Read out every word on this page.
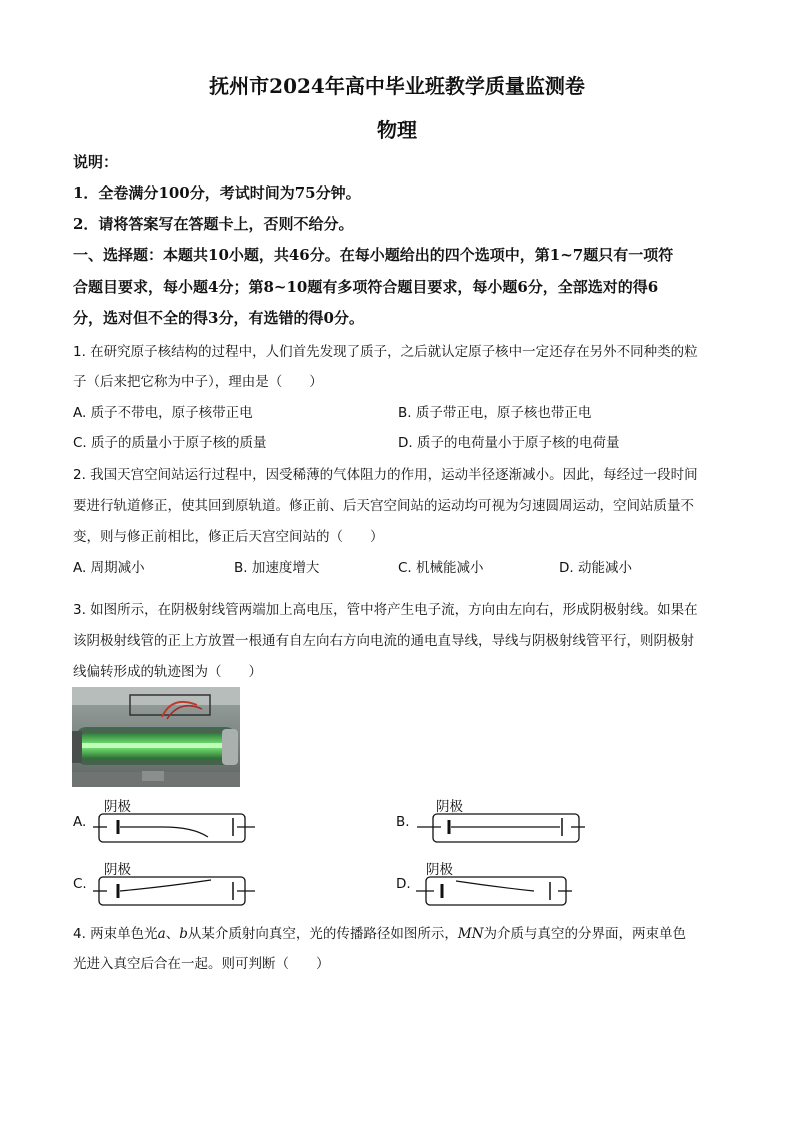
抚州市2024年高中毕业班教学质量监测卷
物理
说明：
1．全卷满分100分，考试时间为75分钟。
2．请将答案写在答题卡上，否则不给分。
一、选择题：本题共10小题，共46分。在每小题给出的四个选项中，第1~7题只有一项符
合题目要求，每小题4分；第8~10题有多项符合题目要求，每小题6分，全部选对的得6
分，选对但不全的得3分，有选错的得0分。
1. 在研究原子核结构的过程中，人们首先发现了质子，之后就认定原子核中一定还存在另外不同种类的粒
子（后来把它称为中子），理由是（　　）
A. 质子不带电，原子核带正电	B. 质子带正电，原子核也带正电
C. 质子的质量小于原子核的质量	D. 质子的电荷量小于原子核的电荷量
2. 我国天宫空间站运行过程中，因受稀薄的气体阻力的作用，运动半径逐渐减小。因此，每经过一段时间
要进行轨道修正，使其回到原轨道。修正前、后天宫空间站的运动均可视为匀速圆周运动，空间站质量不
变，则与修正前相比，修正后天宫空间站的（　　）
A. 周期减小	B. 加速度增大	C. 机械能减小	D. 动能减小
3. 如图所示，在阴极射线管两端加上高电压，管中将产生电子流，方向由左向右，形成阴极射线。如果在
该阴极射线管的正上方放置一根通有自左向右方向电流的通电直导线，导线与阴极射线管平行，则阴极射
线偏转形成的轨迹图为（　　）
阴极
A.
阴极
B.
阴极
C.
阴极
D.
4. 两束单色光a、b从某介质射向真空，光的传播路径如图所示，MN为介质与真空的分界面，两束单色
光进入真空后合在一起。则可判断（　　）
